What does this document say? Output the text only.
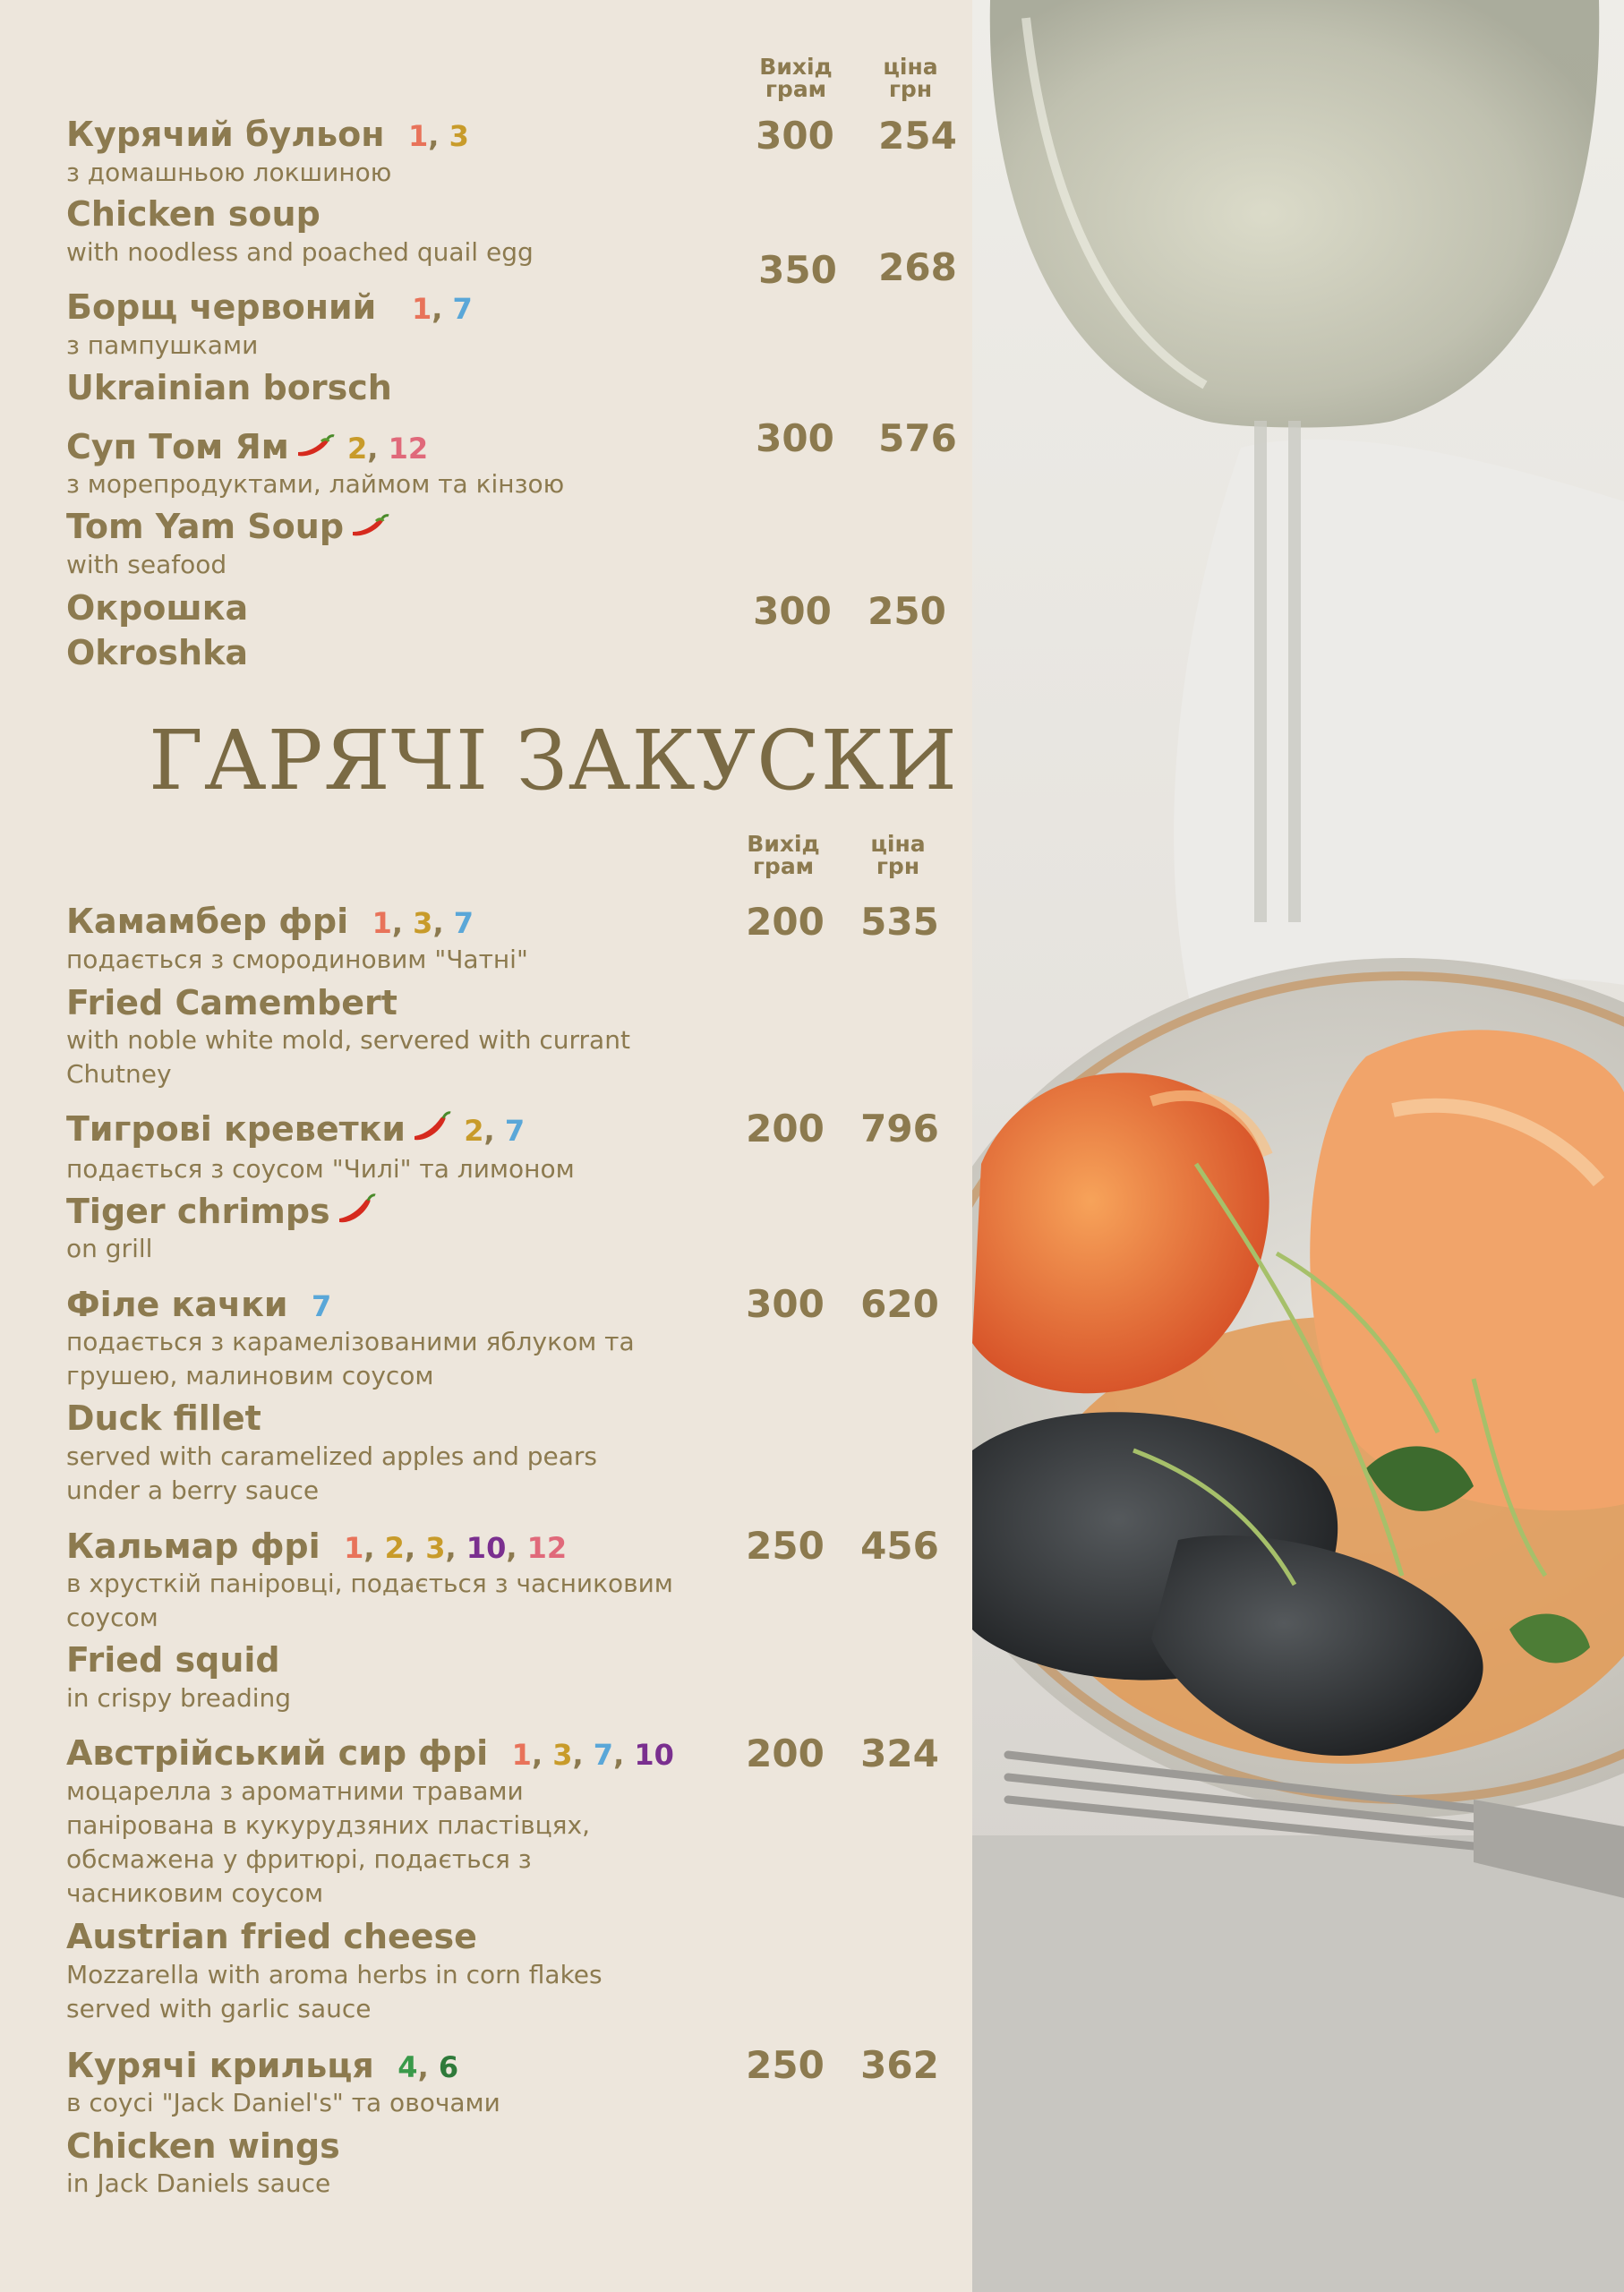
Вихід
грам
ціна
грн
Курячий бульон 1, 3
з домашньою локшиною
Chicken soup
with noodless and poached quail egg
300	254
Борщ червоний 1, 7
з пампушками
Ukrainian borsch
350	268
Суп Том Ям 2, 12
з морепродуктами, лаймом та кінзою
Tom Yam Soup
with seafood
300	576
Окрошка
Okroshka
300 250
ГАРЯЧІ ЗАКУСКИ
Вихід
грам
ціна
грн
Камамбер фрі 1, 3, 7
подається з смородиновим "Чатні"
Fried Camembert
with noble white mold, servered with currant
Chutney
200 535
Тигрові креветки 2, 7
подається з соусом "Чилі" та лимоном
Tiger chrimps
on grill
200 796
Філе качки 7
подається з карамелізованими яблуком та
грушею, малиновим соусом
Duck fillet
served with caramelized apples and pears
under a berry sauce
300 620
Кальмар фрі 1, 2, 3, 10, 12
в хрусткій паніровці, подається з часниковим
соусом
Fried squid
in crispy breading
250 456
Австрійський сир фрі 1, 3, 7, 10
моцарелла з ароматними травами
панірована в кукурудзяних пластівцях,
обсмажена у фритюрі, подається з
часниковим соусом
Austrian fried cheese
Mozzarella with aroma herbs in corn flakes
served with garlic sauce
200 324
Курячі крильця 4, 6
в соусі "Jack Daniel's" та овочами
Chicken wings
in Jack Daniels sauce
250 362
